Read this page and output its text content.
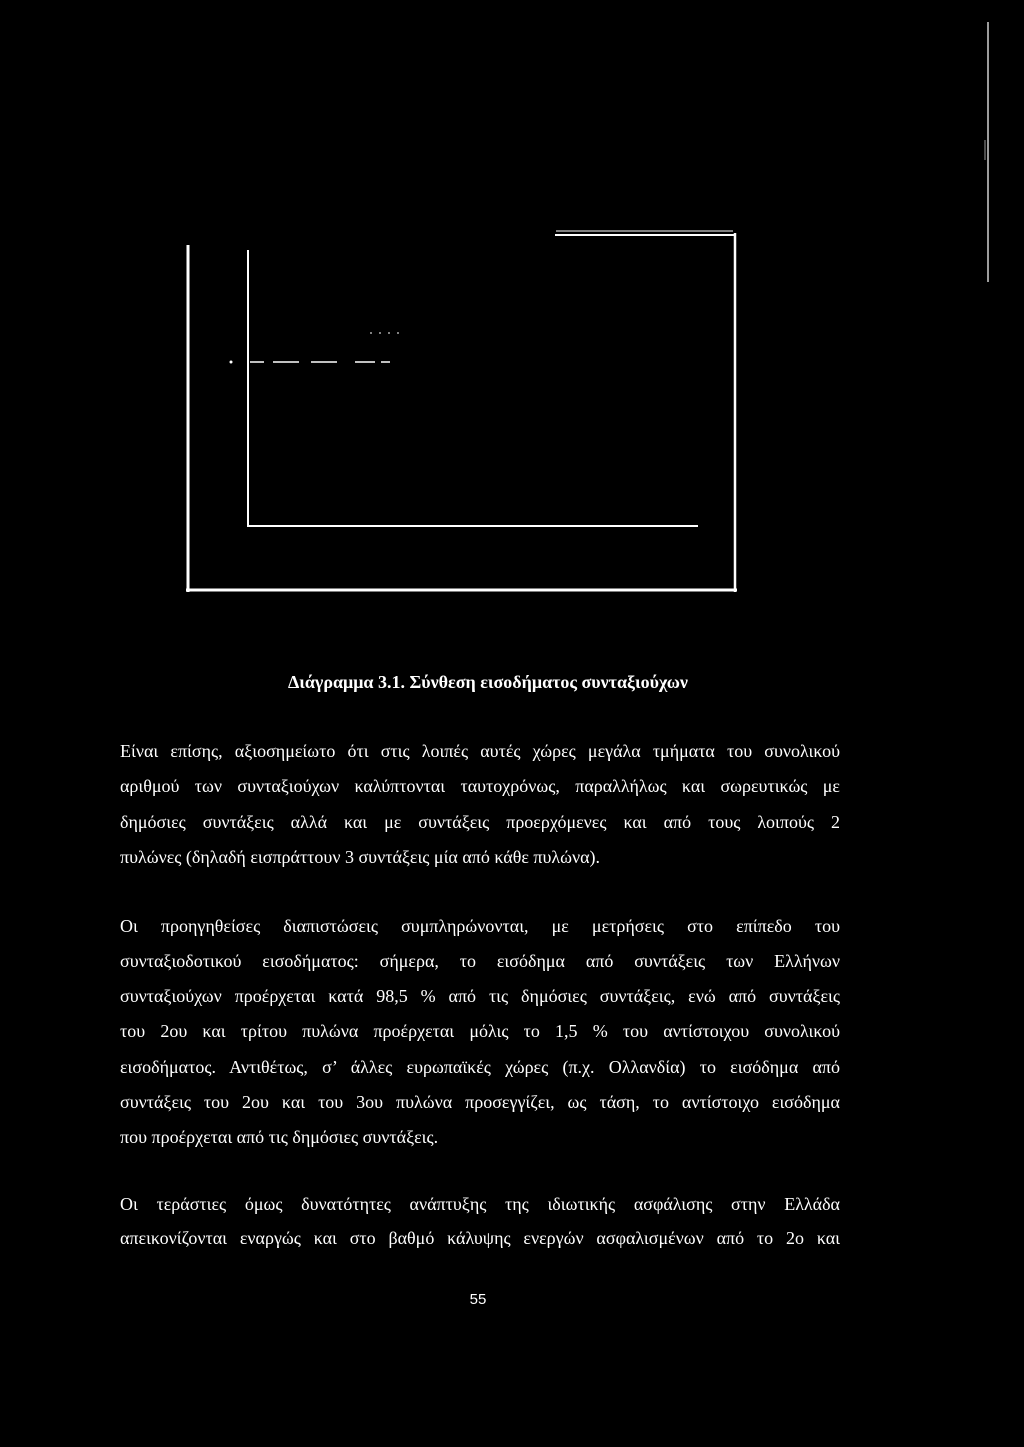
Διάγραμμα 3.1. Σύνθεση εισοδήματος συνταξιούχων
Είναι επίσης, αξιοσημείωτο ότι στις λοιπές αυτές χώρες μεγάλα τμήματα του συνολικού
αριθμού των συνταξιούχων καλύπτονται ταυτοχρόνως, παραλλήλως και σωρευτικώς με
δημόσιες συντάξεις αλλά και με συντάξεις προερχόμενες και από τους λοιπούς 2
πυλώνες (δηλαδή εισπράττουν 3 συντάξεις μία από κάθε πυλώνα).
Οι προηγηθείσες διαπιστώσεις συμπληρώνονται, με μετρήσεις στο επίπεδο του
συνταξιοδοτικού εισοδήματος: σήμερα, το εισόδημα από συντάξεις των Ελλήνων
συνταξιούχων προέρχεται κατά 98,5 % από τις δημόσιες συντάξεις, ενώ από συντάξεις
του 2ου και τρίτου πυλώνα προέρχεται μόλις το 1,5 % του αντίστοιχου συνολικού
εισοδήματος. Αντιθέτως, σ’ άλλες ευρωπαϊκές χώρες (π.χ. Ολλανδία) το εισόδημα από
συντάξεις του 2ου και του 3ου πυλώνα προσεγγίζει, ως τάση, το αντίστοιχο εισόδημα
που προέρχεται από τις δημόσιες συντάξεις.
Οι τεράστιες όμως δυνατότητες ανάπτυξης της ιδιωτικής ασφάλισης στην Ελλάδα
απεικονίζονται εναργώς και στο βαθμό κάλυψης ενεργών ασφαλισμένων από το 2ο και
55
